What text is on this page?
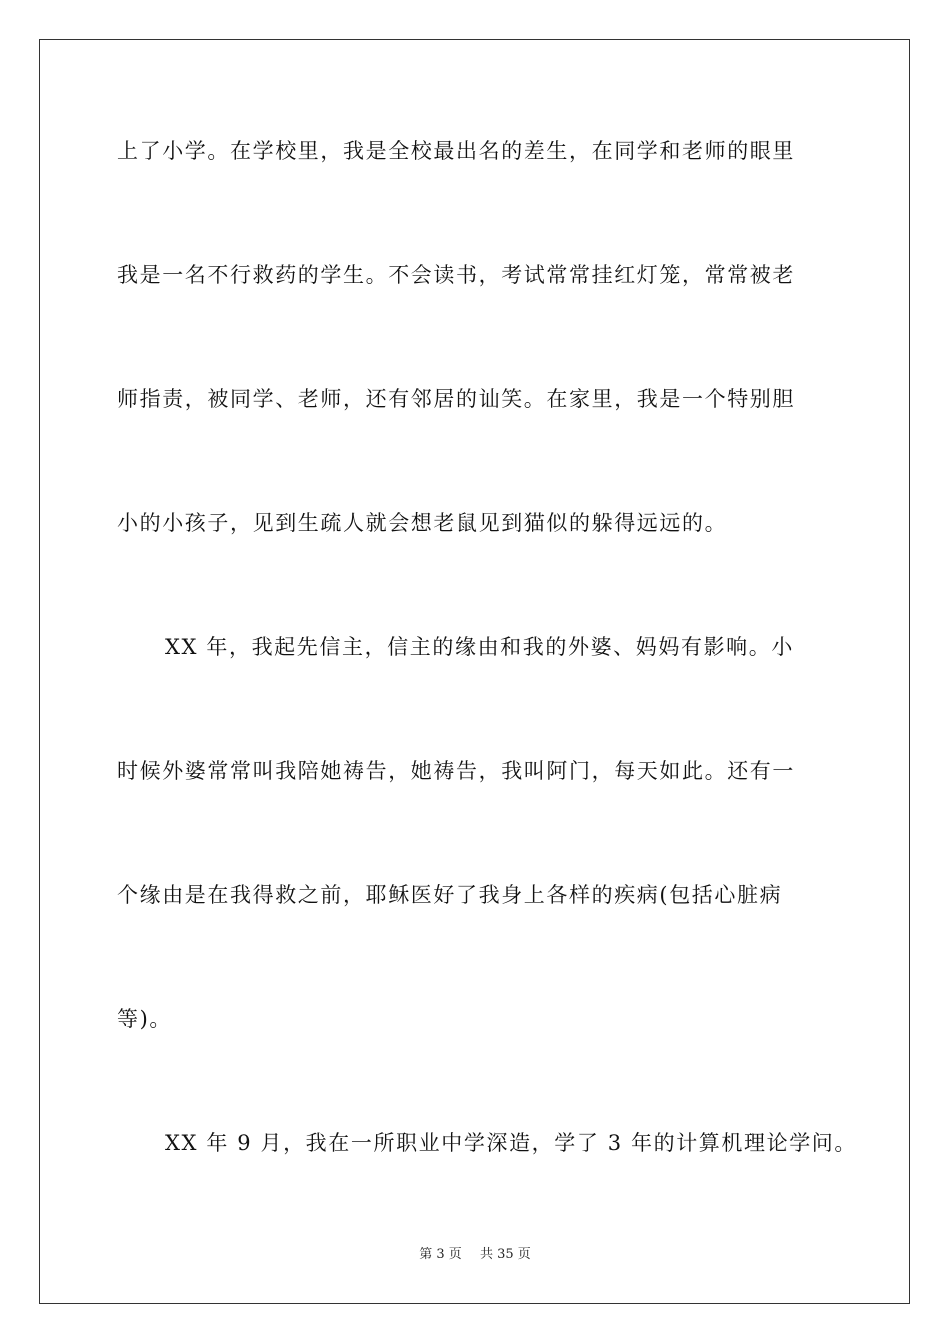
上了小学。在学校里，我是全校最出名的差生，在同学和老师的眼里
我是一名不行救药的学生。不会读书，考试常常挂红灯笼，常常被老
师指责，被同学、老师，还有邻居的讪笑。在家里，我是一个特别胆
小的小孩子，见到生疏人就会想老鼠见到猫似的躲得远远的。
XX 年，我起先信主，信主的缘由和我的外婆、妈妈有影响。小
时候外婆常常叫我陪她祷告，她祷告，我叫阿门，每天如此。还有一
个缘由是在我得救之前，耶稣医好了我身上各样的疾病(包括心脏病
等)。
XX 年 9 月，我在一所职业中学深造，学了 3 年的计算机理论学问。
第 3 页 共 35 页
